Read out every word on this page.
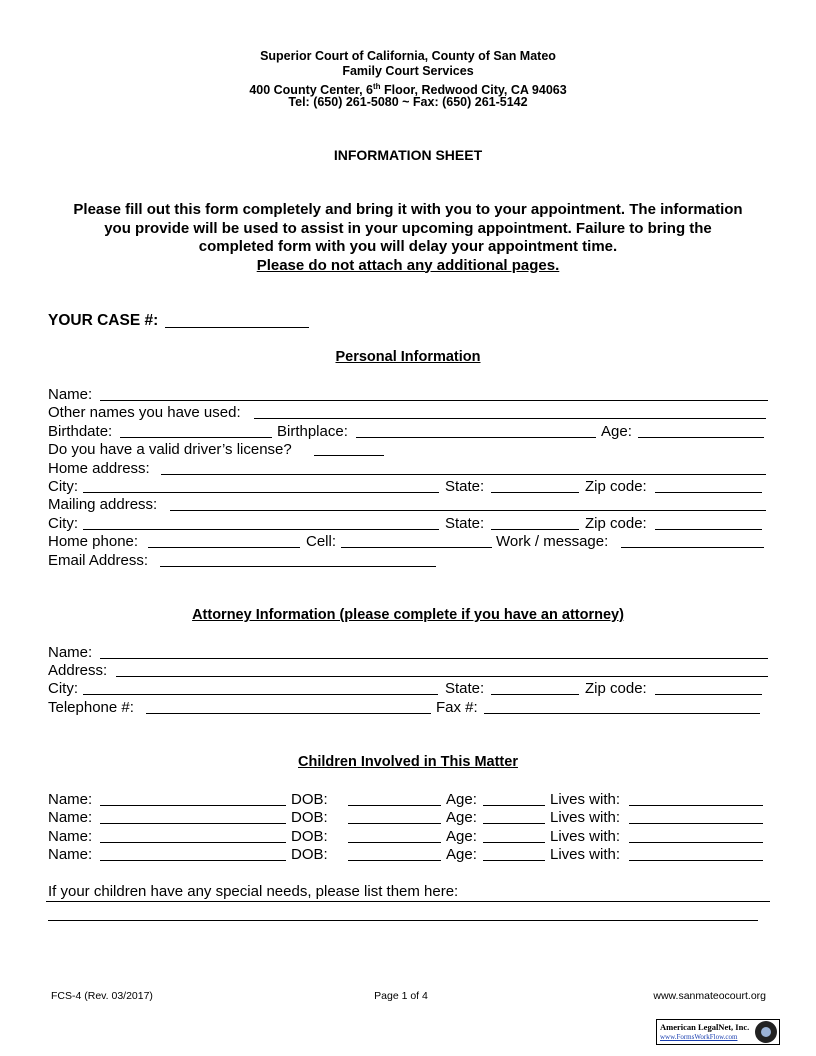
Superior Court of California, County of San Mateo
Family Court Services
400 County Center, 6th Floor, Redwood City, CA 94063
Tel: (650) 261-5080 ~ Fax: (650) 261-5142
INFORMATION SHEET
Please fill out this form completely and bring it with you to your appointment. The information
you provide will be used to assist in your upcoming appointment. Failure to bring the
completed form with you will delay your appointment time.
Please do not attach any additional pages.
YOUR CASE #:
Personal Information
Name:
Other names you have used:
Birthdate:	Birthplace:	Age:
Do you have a valid driver’s license?
Home address:
City:	State:	Zip code:
Mailing address:
City:	State:	Zip code:
Home phone:	Cell:	Work / message:
Email Address:
Attorney Information (please complete if you have an attorney)
Name:
Address:
City:	State:	Zip code:
Telephone #:	Fax #:
Children Involved in This Matter
Name:	DOB:	Age:	Lives with:
Name:	DOB:	Age:	Lives with:
Name:	DOB:	Age:	Lives with:
Name:	DOB:	Age:	Lives with:
If your children have any special needs, please list them here:
FCS-4 (Rev. 03/2017)	Page 1 of 4	www.sanmateocourt.org
American LegalNet, Inc.
www.FormsWorkFlow.com
